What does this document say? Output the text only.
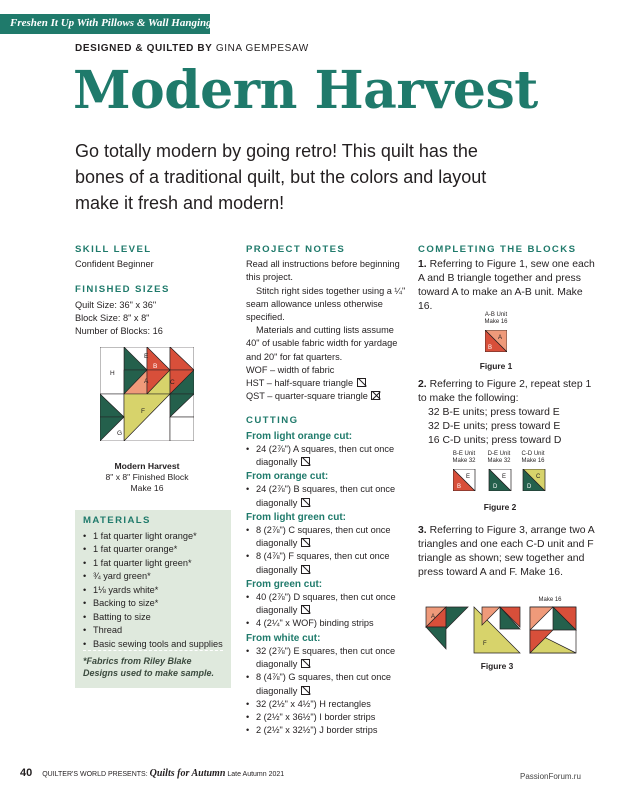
Freshen It Up With Pillows & Wall Hangings
DESIGNED & QUILTED BY GINA GEMPESAW
Modern Harvest
Go totally modern by going retro! This quilt has the bones of a traditional quilt, but the colors and layout make it fresh and modern!
SKILL LEVEL
Confident Beginner
FINISHED SIZES
Quilt Size: 36" x 36"
Block Size: 8" x 8"
Number of Blocks: 16
E
B
H
A	C
D
F
G
Modern Harvest
8" x 8" Finished Block
Make 16
MATERIALS
• 1 fat quarter light orange*
• 1 fat quarter orange*
• 1 fat quarter light green*
• ¾ yard green*
• 1⅛ yards white*
• Backing to size*
• Batting to size
• Thread
• Basic sewing tools and supplies
*Fabrics from Riley Blake Designs used to make sample.
PROJECT NOTES
Read all instructions before beginning this project.
Stitch right sides together using a ¼" seam allowance unless otherwise specified.
Materials and cutting lists assume 40" of usable fabric width for yardage and 20" for fat quarters.
WOF – width of fabric
HST – half-square triangle
QST – quarter-square triangle
CUTTING
From light orange cut:
• 24 (2⅞") A squares, then cut once diagonally
From orange cut:
• 24 (2⅞") B squares, then cut once diagonally
From light green cut:
• 8 (2⅞") C squares, then cut once diagonally
• 8 (4⅞") F squares, then cut once diagonally
From green cut:
• 40 (2⅞") D squares, then cut once diagonally
• 4 (2¼" x WOF) binding strips
From white cut:
• 32 (2⅞") E squares, then cut once diagonally
• 8 (4⅞") G squares, then cut once diagonally
• 32 (2½" x 4½") H rectangles
• 2 (2½" x 36½") I border strips
• 2 (2½" x 32½") J border strips
COMPLETING THE BLOCKS
1. Referring to Figure 1, sew one each A and B triangle together and press toward A to make an A-B unit. Make 16.
A-B Unit
Make 16
A
B
Figure 1
2. Referring to Figure 2, repeat step 1 to make the following:
32 B-E units; press toward E
32 D-E units; press toward E
16 C-D units; press toward D
B-E Unit
Make 32
D-E Unit
Make 32
C-D Unit
Make 16
E
B
E
D
C
D
Figure 2
3. Referring to Figure 3, arrange two A triangles and one each C-D unit and F triangle as shown; sew together and press toward A and F. Make 16.
Make 16
A
F
Figure 3
40 QUILTER'S WORLD PRESENTS: Quilts for Autumn Late Autumn 2021	PassionForum.ru
